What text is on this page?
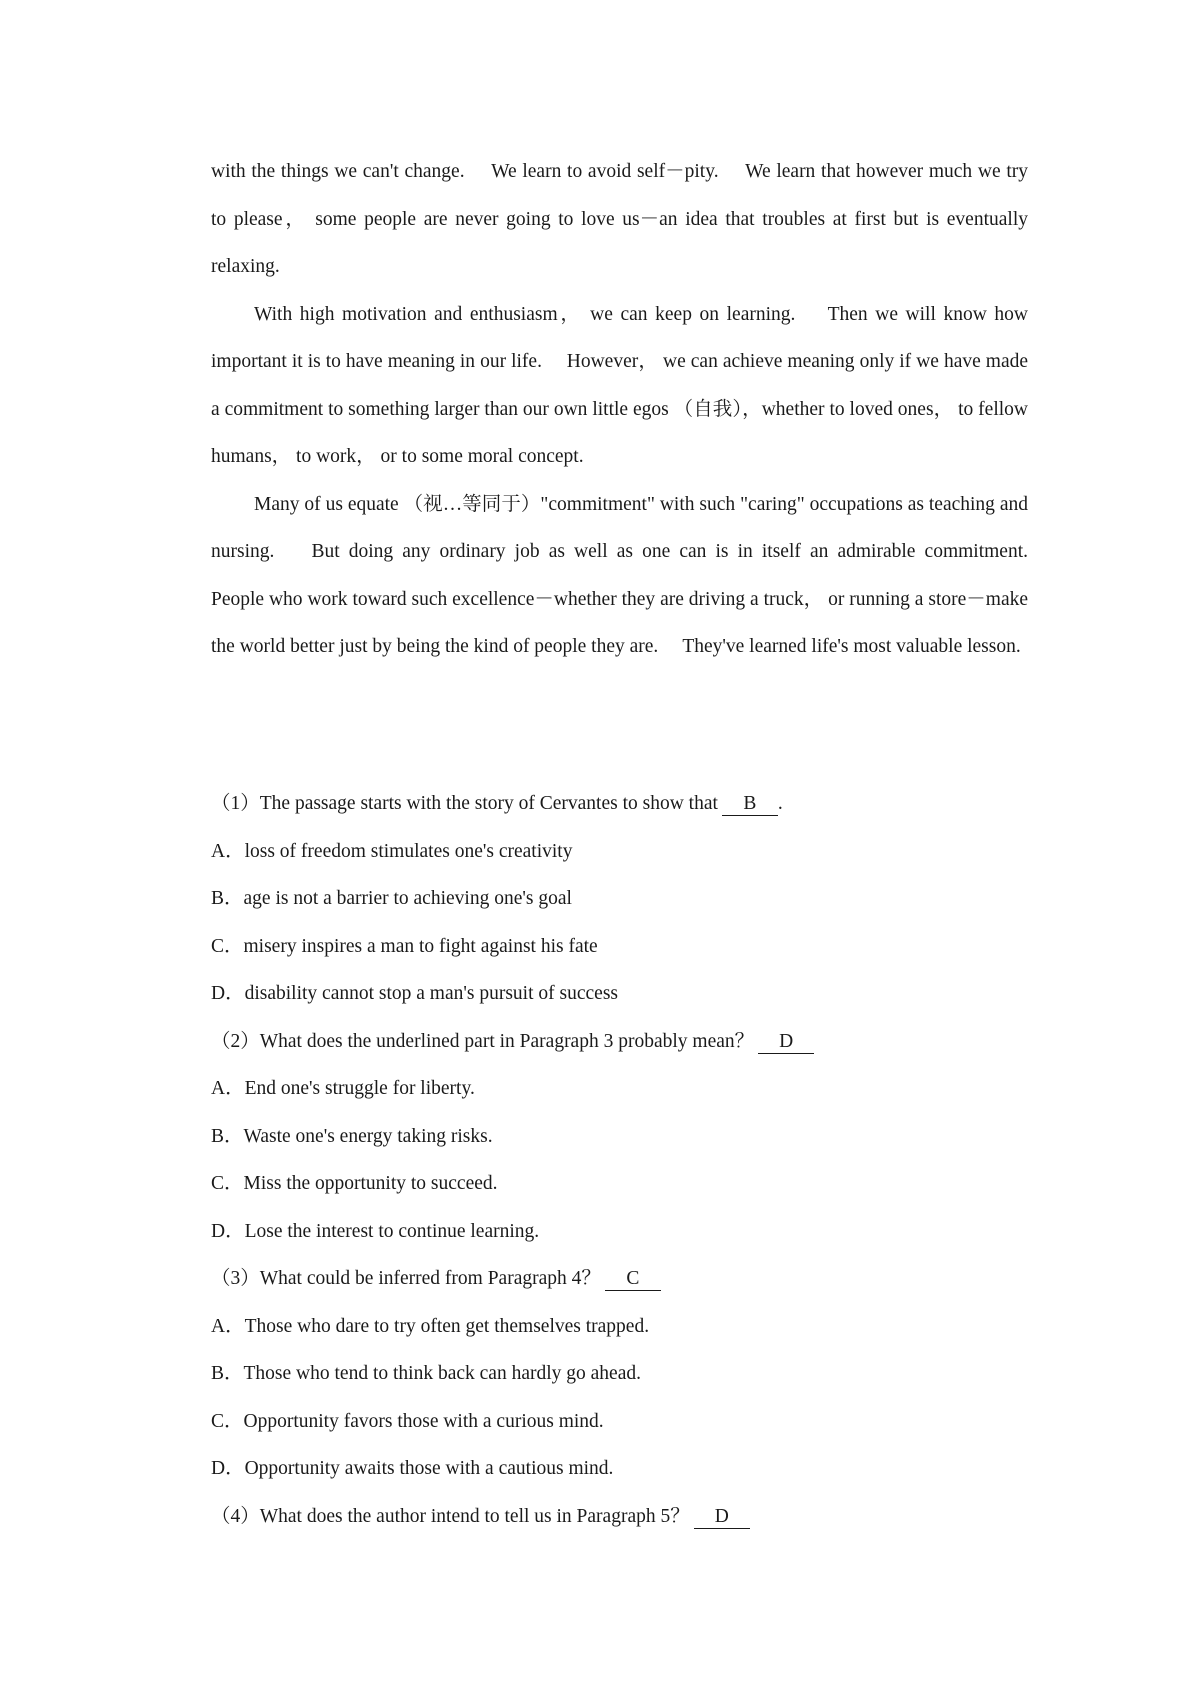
with the things we can't change.　 We learn to avoid self－pity.　 We learn that however much we try to please， some people are never going to love us－an idea that troubles at first but is eventually relaxing.

With high motivation and enthusiasm， we can keep on learning.　 Then we will know how important it is to have meaning in our life.　 However， we can achieve meaning only if we have made a commitment to something larger than our own little egos （自我），whether to loved ones， to fellow humans， to work， or to some moral concept.

Many of us equate （视…等同于）"commitment" with such "caring" occupations as teaching and nursing.　 But doing any ordinary job as well as one can is in itself an admirable commitment.　 People who work toward such excellence－whether they are driving a truck， or running a store－make the world better just by being the kind of people they are.　 They've learned life's most valuable lesson.

（1）The passage starts with the story of Cervantes to show that B .

A．loss of freedom stimulates one's creativity

B．age is not a barrier to achieving one's goal

C．misery inspires a man to fight against his fate

D．disability cannot stop a man's pursuit of success

（2）What does the underlined part in Paragraph 3 probably mean？ D

A．End one's struggle for liberty.

B．Waste one's energy taking risks.

C．Miss the opportunity to succeed.

D．Lose the interest to continue learning.

（3）What could be inferred from Paragraph 4？ C

A．Those who dare to try often get themselves trapped.

B．Those who tend to think back can hardly go ahead.

C．Opportunity favors those with a curious mind.

D．Opportunity awaits those with a cautious mind.

（4）What does the author intend to tell us in Paragraph 5？ D
